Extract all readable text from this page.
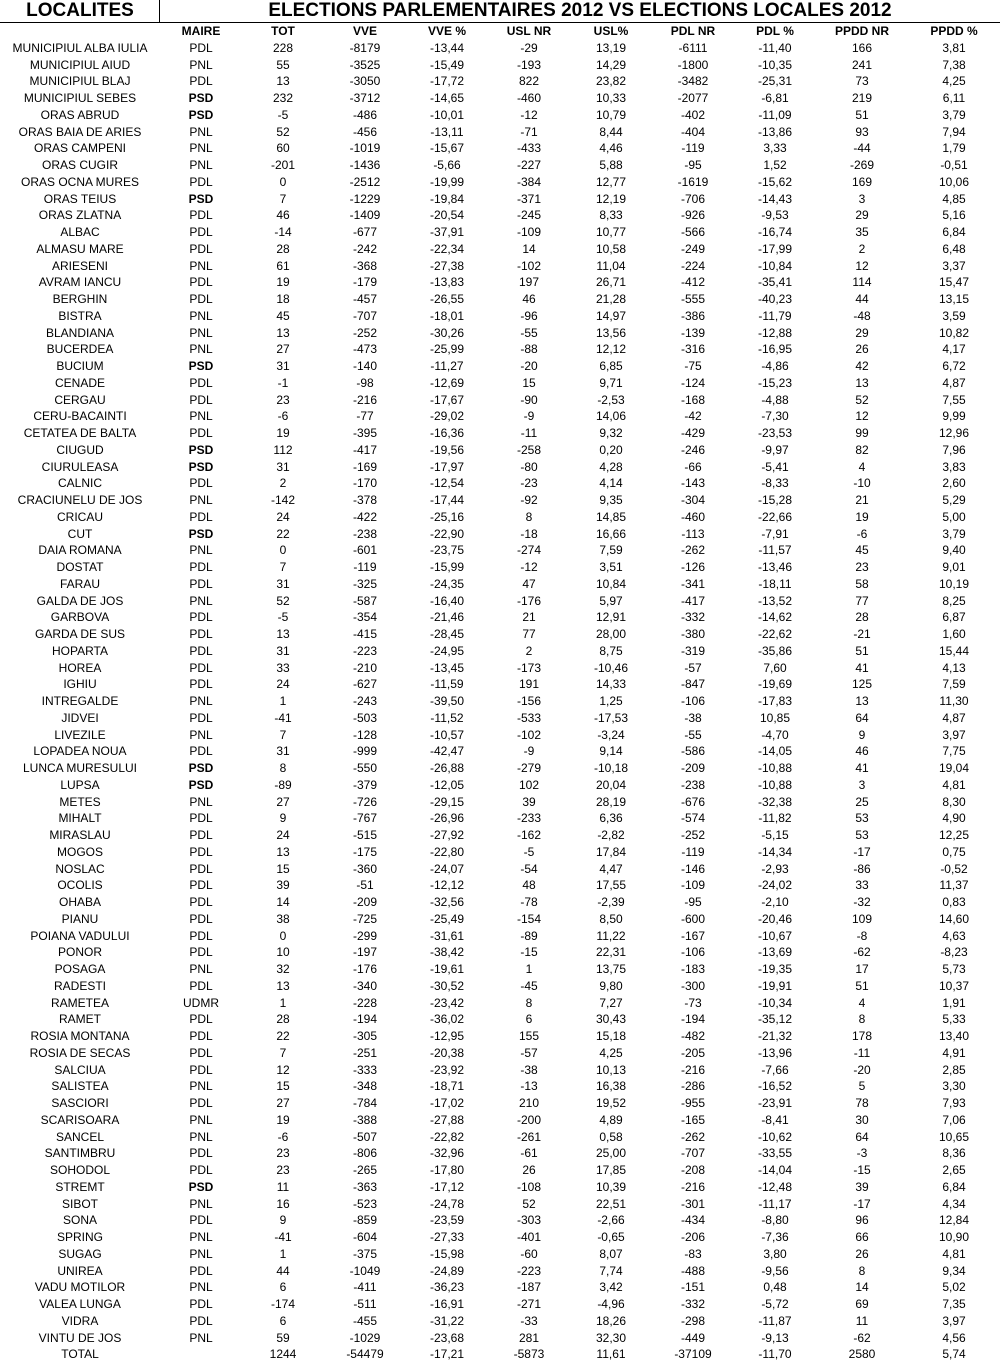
LOCALITES	ELECTIONS PARLEMENTAIRES 2012 VS ELECTIONS LOCALES 2012
	MAIRE	TOT	VVE	VVE %	USL NR	USL%	PDL NR	PDL %	PPDD NR	PPDD %
MUNICIPIUL ALBA IULIA	PDL	228	-8179	-13,44	-29	13,19	-6111	-11,40	166	3,81
MUNICIPIUL AIUD	PNL	55	-3525	-15,49	-193	14,29	-1800	-10,35	241	7,38
MUNICIPIUL BLAJ	PDL	13	-3050	-17,72	822	23,82	-3482	-25,31	73	4,25
MUNICIPIUL SEBES	PSD	232	-3712	-14,65	-460	10,33	-2077	-6,81	219	6,11
ORAS ABRUD	PSD	-5	-486	-10,01	-12	10,79	-402	-11,09	51	3,79
ORAS BAIA DE ARIES	PNL	52	-456	-13,11	-71	8,44	-404	-13,86	93	7,94
ORAS CAMPENI	PNL	60	-1019	-15,67	-433	4,46	-119	3,33	-44	1,79
ORAS CUGIR	PNL	-201	-1436	-5,66	-227	5,88	-95	1,52	-269	-0,51
ORAS OCNA MURES	PDL	0	-2512	-19,99	-384	12,77	-1619	-15,62	169	10,06
ORAS TEIUS	PSD	7	-1229	-19,84	-371	12,19	-706	-14,43	3	4,85
ORAS ZLATNA	PDL	46	-1409	-20,54	-245	8,33	-926	-9,53	29	5,16
ALBAC	PDL	-14	-677	-37,91	-109	10,77	-566	-16,74	35	6,84
ALMASU MARE	PDL	28	-242	-22,34	14	10,58	-249	-17,99	2	6,48
ARIESENI	PNL	61	-368	-27,38	-102	11,04	-224	-10,84	12	3,37
AVRAM IANCU	PDL	19	-179	-13,83	197	26,71	-412	-35,41	114	15,47
BERGHIN	PDL	18	-457	-26,55	46	21,28	-555	-40,23	44	13,15
BISTRA	PNL	45	-707	-18,01	-96	14,97	-386	-11,79	-48	3,59
BLANDIANA	PNL	13	-252	-30,26	-55	13,56	-139	-12,88	29	10,82
BUCERDEA	PNL	27	-473	-25,99	-88	12,12	-316	-16,95	26	4,17
BUCIUM	PSD	31	-140	-11,27	-20	6,85	-75	-4,86	42	6,72
CENADE	PDL	-1	-98	-12,69	15	9,71	-124	-15,23	13	4,87
CERGAU	PDL	23	-216	-17,67	-90	-2,53	-168	-4,88	52	7,55
CERU-BACAINTI	PNL	-6	-77	-29,02	-9	14,06	-42	-7,30	12	9,99
CETATEA DE BALTA	PDL	19	-395	-16,36	-11	9,32	-429	-23,53	99	12,96
CIUGUD	PSD	112	-417	-19,56	-258	0,20	-246	-9,97	82	7,96
CIURULEASA	PSD	31	-169	-17,97	-80	4,28	-66	-5,41	4	3,83
CALNIC	PDL	2	-170	-12,54	-23	4,14	-143	-8,33	-10	2,60
CRACIUNELU DE JOS	PNL	-142	-378	-17,44	-92	9,35	-304	-15,28	21	5,29
CRICAU	PDL	24	-422	-25,16	8	14,85	-460	-22,66	19	5,00
CUT	PSD	22	-238	-22,90	-18	16,66	-113	-7,91	-6	3,79
DAIA ROMANA	PNL	0	-601	-23,75	-274	7,59	-262	-11,57	45	9,40
DOSTAT	PDL	7	-119	-15,99	-12	3,51	-126	-13,46	23	9,01
FARAU	PDL	31	-325	-24,35	47	10,84	-341	-18,11	58	10,19
GALDA DE JOS	PNL	52	-587	-16,40	-176	5,97	-417	-13,52	77	8,25
GARBOVA	PDL	-5	-354	-21,46	21	12,91	-332	-14,62	28	6,87
GARDA DE SUS	PDL	13	-415	-28,45	77	28,00	-380	-22,62	-21	1,60
HOPARTA	PDL	31	-223	-24,95	2	8,75	-319	-35,86	51	15,44
HOREA	PDL	33	-210	-13,45	-173	-10,46	-57	7,60	41	4,13
IGHIU	PDL	24	-627	-11,59	191	14,33	-847	-19,69	125	7,59
INTREGALDE	PNL	1	-243	-39,50	-156	1,25	-106	-17,83	13	11,30
JIDVEI	PDL	-41	-503	-11,52	-533	-17,53	-38	10,85	64	4,87
LIVEZILE	PNL	7	-128	-10,57	-102	-3,24	-55	-4,70	9	3,97
LOPADEA NOUA	PDL	31	-999	-42,47	-9	9,14	-586	-14,05	46	7,75
LUNCA MURESULUI	PSD	8	-550	-26,88	-279	-10,18	-209	-10,88	41	19,04
LUPSA	PSD	-89	-379	-12,05	102	20,04	-238	-10,88	3	4,81
METES	PNL	27	-726	-29,15	39	28,19	-676	-32,38	25	8,30
MIHALT	PDL	9	-767	-26,96	-233	6,36	-574	-11,82	53	4,90
MIRASLAU	PDL	24	-515	-27,92	-162	-2,82	-252	-5,15	53	12,25
MOGOS	PDL	13	-175	-22,80	-5	17,84	-119	-14,34	-17	0,75
NOSLAC	PDL	15	-360	-24,07	-54	4,47	-146	-2,93	-86	-0,52
OCOLIS	PDL	39	-51	-12,12	48	17,55	-109	-24,02	33	11,37
OHABA	PDL	14	-209	-32,56	-78	-2,39	-95	-2,10	-32	0,83
PIANU	PDL	38	-725	-25,49	-154	8,50	-600	-20,46	109	14,60
POIANA VADULUI	PDL	0	-299	-31,61	-89	11,22	-167	-10,67	-8	4,63
PONOR	PDL	10	-197	-38,42	-15	22,31	-106	-13,69	-62	-8,23
POSAGA	PNL	32	-176	-19,61	1	13,75	-183	-19,35	17	5,73
RADESTI	PDL	13	-340	-30,52	-45	9,80	-300	-19,91	51	10,37
RAMETEA	UDMR	1	-228	-23,42	8	7,27	-73	-10,34	4	1,91
RAMET	PDL	28	-194	-36,02	6	30,43	-194	-35,12	8	5,33
ROSIA MONTANA	PDL	22	-305	-12,95	155	15,18	-482	-21,32	178	13,40
ROSIA DE SECAS	PDL	7	-251	-20,38	-57	4,25	-205	-13,96	-11	4,91
SALCIUA	PDL	12	-333	-23,92	-38	10,13	-216	-7,66	-20	2,85
SALISTEA	PNL	15	-348	-18,71	-13	16,38	-286	-16,52	5	3,30
SASCIORI	PDL	27	-784	-17,02	210	19,52	-955	-23,91	78	7,93
SCARISOARA	PNL	19	-388	-27,88	-200	4,89	-165	-8,41	30	7,06
SANCEL	PNL	-6	-507	-22,82	-261	0,58	-262	-10,62	64	10,65
SANTIMBRU	PDL	23	-806	-32,96	-61	25,00	-707	-33,55	-3	8,36
SOHODOL	PDL	23	-265	-17,80	26	17,85	-208	-14,04	-15	2,65
STREMT	PSD	11	-363	-17,12	-108	10,39	-216	-12,48	39	6,84
SIBOT	PNL	16	-523	-24,78	52	22,51	-301	-11,17	-17	4,34
SONA	PDL	9	-859	-23,59	-303	-2,66	-434	-8,80	96	12,84
SPRING	PNL	-41	-604	-27,33	-401	-0,65	-206	-7,36	66	10,90
SUGAG	PNL	1	-375	-15,98	-60	8,07	-83	3,80	26	4,81
UNIREA	PDL	44	-1049	-24,89	-223	7,74	-488	-9,56	8	9,34
VADU MOTILOR	PNL	6	-411	-36,23	-187	3,42	-151	0,48	14	5,02
VALEA LUNGA	PDL	-174	-511	-16,91	-271	-4,96	-332	-5,72	69	7,35
VIDRA	PDL	6	-455	-31,22	-33	18,26	-298	-11,87	11	3,97
VINTU DE JOS	PNL	59	-1029	-23,68	281	32,30	-449	-9,13	-62	4,56
TOTAL		1244	-54479	-17,21	-5873	11,61	-37109	-11,70	2580	5,74
